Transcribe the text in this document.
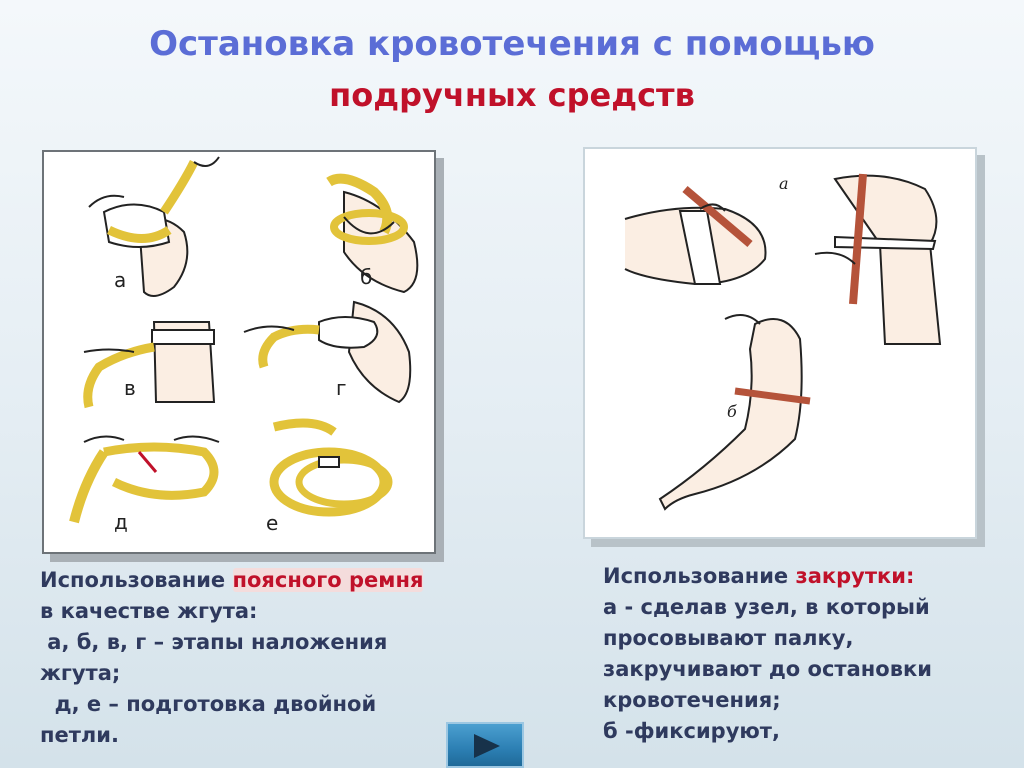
Остановка кровотечения с помощью
подручных средств
а	б
в	г
д	е
а
б
Использование поясного ремня
в качестве жгута:
а, б, в, г – этапы наложения
жгута;
д, е – подготовка двойной
петли.
Использование закрутки:
а - сделав узел, в который
просовывают палку,
закручивают до остановки
кровотечения;
б -фиксируют,
